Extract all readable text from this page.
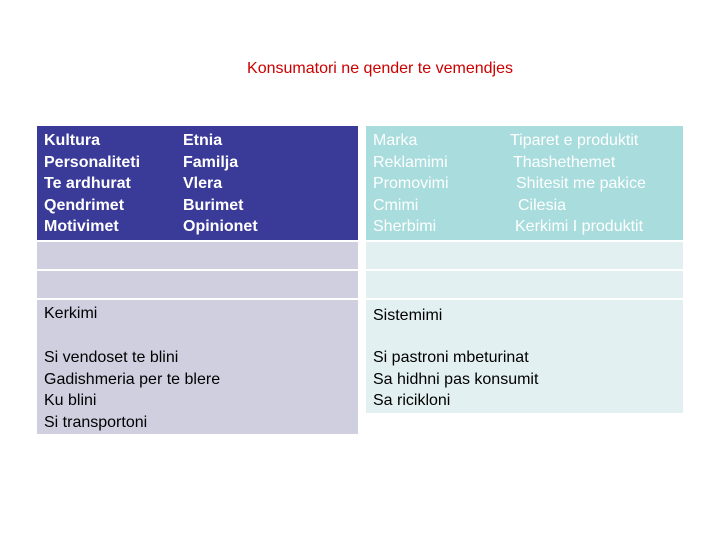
Konsumatori ne qender te vemendjes
Kultura
Personaliteti
Te ardhurat
Qendrimet
Motivimet
Etnia
Familja
Vlera
Burimet
Opinionet
Kerkimi
Si vendoset te blini
Gadishmeria per te blere
Ku blini
Si transportoni
Marka
Reklamimi
Promovimi
Cmimi
Sherbimi
Tiparet e produktit
Thashethemet
Shitesit me pakice
Cilesia
Kerkimi I produktit
Sistemimi
Si pastroni mbeturinat
Sa hidhni pas konsumit
Sa ricikloni
